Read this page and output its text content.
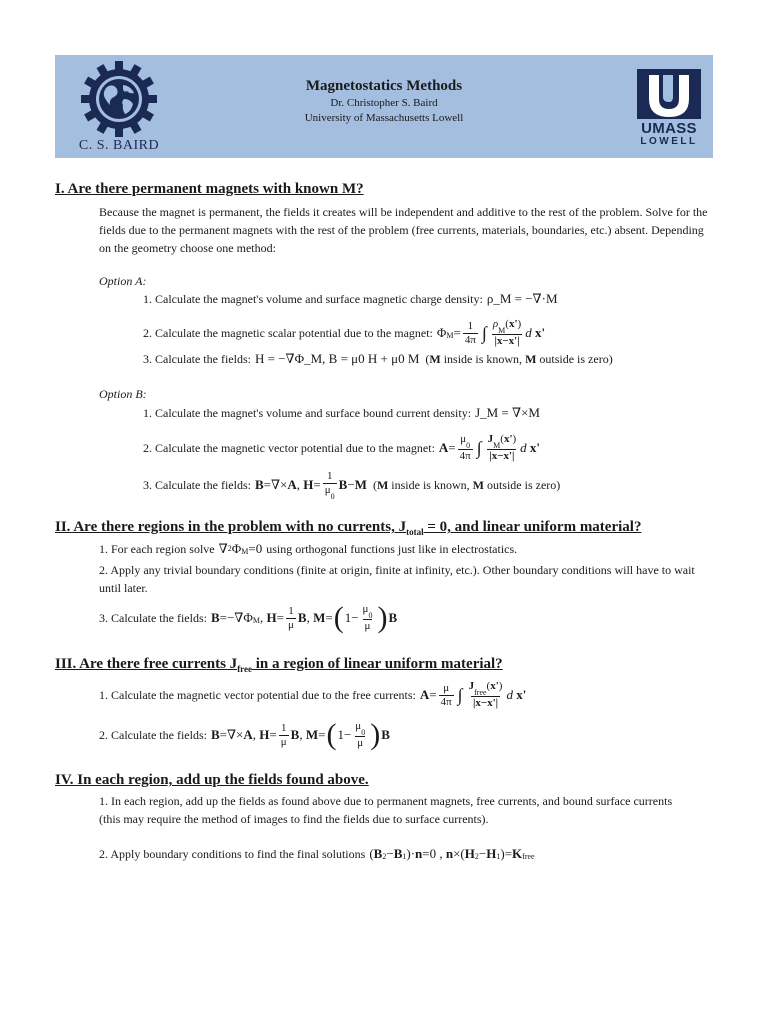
C. S. BAIRD
Magnetostatics Methods
Dr. Christopher S. Baird
University of Massachusetts Lowell
UMASS
LOWELL
I. Are there permanent magnets with known M?
Because the magnet is permanent, the fields it creates will be independent and additive to the rest of the problem. Solve for the fields due to the permanent magnets with the rest of the problem (free currents, materials, boundaries, etc.) absent. Depending on the geometry choose one method:
Option A:
1. Calculate the magnet's volume and surface magnetic charge density: ρ_M = −∇·M
2. Calculate the magnetic scalar potential due to the magnet: $\Phi_M = \frac{1}{4\pi}$ ∫ $\frac{\rho_M(x')}{|x-x'|}$ d
x'
3. Calculate the fields: H = −∇Φ_M, B = μ0 H + μ0 M (M inside is known, M outside is zero)
Option B:
1. Calculate the magnet's volume and surface bound current density: J_M = ∇×M
2. Calculate the magnetic vector potential due to the magnet: $A = \frac{\mu_0}{4\pi}$ ∫ $\frac{J_M(x')}{|x-x'|}$ d
x'
3. Calculate the fields: B =∇× A , $H = \frac{1}{\mu_0}$ B − M (M inside is known, M outside is zero)
II. Are there regions in the problem with no currents, $J_{total} = 0$, and linear uniform material?
1. For each region solve ∇ 2 $\Phi_M =0$ using orthogonal functions just like in electrostatics.
2. Apply any trivial boundary conditions (finite at origin, finite at infinity, etc.). Other boundary conditions will have to wait until later.
3. Calculate the fields: $B =-\nabla\Phi_M$ , $H = \frac{1}{\mu}$ B , M = ( $1- \frac{\mu_0}{\mu}$ ) B
III. Are there free currents $J_{free}$ in a region of linear uniform material?
1. Calculate the magnetic vector potential due to the free currents: $A = \frac{\mu}{4\pi}$ ∫ $\frac{J_{free}(x')}{|x-x'|}$ d
x'
2. Calculate the fields: B =∇× A , $H = \frac{1}{\mu}$ B , M = ( $1- \frac{\mu_0}{\mu}$ ) B
IV. In each region, add up the fields found above.
1. In each region, add up the fields as found above due to permanent magnets, free currents, and bound surface currents (this may require the method of images to find the fields due to surface currents).
2. Apply boundary conditions to find the final solutions ( $B_2 - B_1$ )· n =0 , n ×( $H_2 - H_1$ )= $K_{free}$
